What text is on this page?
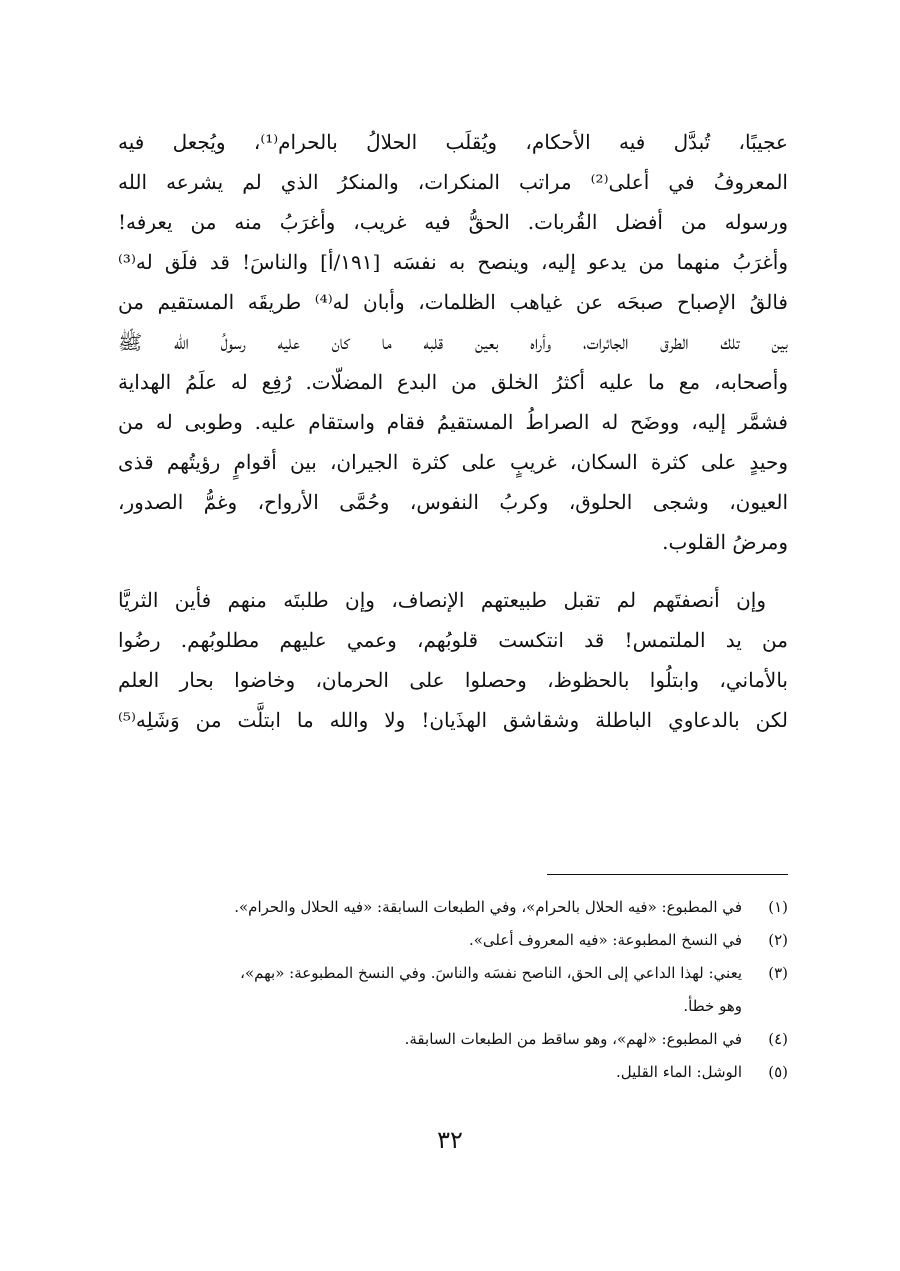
عجيبًا، تُبدَّل فيه الأحكام، ويُقلَب الحلالُ بالحرام⁽¹⁾، ويُجعل فيه
المعروفُ في أعلى⁽²⁾ مراتب المنكرات، والمنكرُ الذي لم يشرعه الله
ورسوله من أفضل القُربات. الحقُّ فيه غريب، وأغرَبُ منه من يعرفه!
وأغرَبُ منهما من يدعو إليه، وينصح به نفسَه [١٩١/أ] والناسَ! قد فلَق له⁽³⁾
فالقُ الإصباح صبحَه عن غياهب الظلمات، وأبان له⁽⁴⁾ طريقَه المستقيم من
بين تلك الطرق الجائرات، وأراه بعين قلبه ما كان عليه رسولُ الله ﷺ
وأصحابه، مع ما عليه أكثرُ الخلق من البدع المضلّات. رُفِع له علَمُ الهداية
فشمَّر إليه، ووضَح له الصراطُ المستقيمُ فقام واستقام عليه. وطوبى له من
وحيدٍ على كثرة السكان، غريبٍ على كثرة الجيران، بين أقوامٍ رؤيتُهم قذى
العيون، وشجى الحلوق، وكربُ النفوس، وحُمَّى الأرواح، وغمُّ الصدور،
ومرضُ القلوب.
وإن أنصفتَهم لم تقبل طبيعتهم الإنصاف، وإن طلبتَه منهم فأين الثريَّا
من يد الملتمس! قد انتكست قلوبُهم، وعمي عليهم مطلوبُهم. رضُوا
بالأماني، وابتلُوا بالحظوظ، وحصلوا على الحرمان، وخاضوا بحار العلم
لكن بالدعاوي الباطلة وشقاشق الهذَيان! ولا والله ما ابتلَّت من وَشَلِه⁽⁵⁾
(١)
في المطبوع: «فيه الحلال بالحرام»، وفي الطبعات السابقة: «فيه الحلال والحرام».
(٢)
في النسخ المطبوعة: «فيه المعروف أعلى».
(٣)
يعني: لهذا الداعي إلى الحق، الناصح نفسَه والناسَ. وفي النسخ المطبوعة: «بهم»،
وهو خطأ.
(٤)
في المطبوع: «لهم»، وهو ساقط من الطبعات السابقة.
(٥)
الوشل: الماء القليل.
٣٢
